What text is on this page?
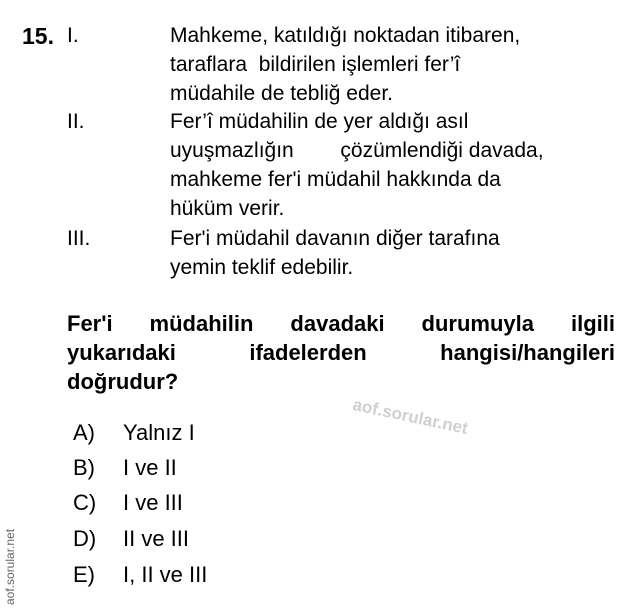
15. I.	Mahkeme, katıldığı noktadan itibaren,
taraflara  bildirilen işlemleri fer’î
müdahile de tebliğ eder.
II.	Fer’î müdahilin de yer aldığı asıl
uyuşmazlığın        çözümlendiği davada,
mahkeme fer'i müdahil hakkında da
hüküm verir.
III.	Fer'i müdahil davanın diğer tarafına
yemin teklif edebilir.
Fer'i müdahilin davadaki durumuyla ilgili
yukarıdaki ifadelerden hangisi/hangileri
doğrudur?
A) Yalnız I
B) I ve II
C) I ve III
D) II ve III
E) I, II ve III
aof.sorular.net
aof.sorular.net
